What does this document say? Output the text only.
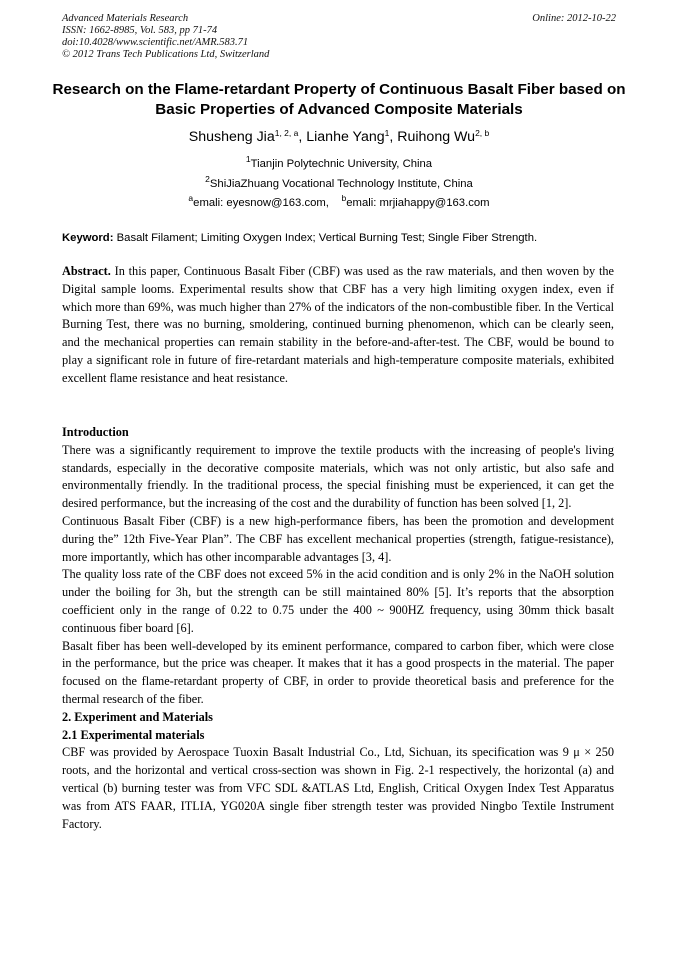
Advanced Materials Research
ISSN: 1662-8985, Vol. 583, pp 71-74
doi:10.4028/www.scientific.net/AMR.583.71
© 2012 Trans Tech Publications Ltd, Switzerland
Online: 2012-10-22
Research on the Flame-retardant Property of Continuous Basalt Fiber based on Basic Properties of Advanced Composite Materials
Shusheng Jia$^{1, 2, a}$, Lianhe Yang$^1$, Ruihong Wu$^{2, b}$
$^1$Tianjin Polytechnic University, China
$^2$ShiJiaZhuang Vocational Technology Institute, China
$^a$emali: eyesnow@163.com, $^b$emali: mrjiahappy@163.com
Keyword: Basalt Filament; Limiting Oxygen Index; Vertical Burning Test; Single Fiber Strength.

Abstract. In this paper, Continuous Basalt Fiber (CBF) was used as the raw materials, and then woven by the Digital sample looms. Experimental results show that CBF has a very high limiting oxygen index, even if which more than 69%, was much higher than 27% of the indicators of the non-combustible fiber. In the Vertical Burning Test, there was no burning, smoldering, continued burning phenomenon, which can be clearly seen, and the mechanical properties can remain stability in the before-and-after-test. The CBF, would be bound to play a significant role in future of fire-retardant materials and high-temperature composite materials, exhibited excellent flame resistance and heat resistance.

Introduction

There was a significantly requirement to improve the textile products with the increasing of people's living standards, especially in the decorative composite materials, which was not only artistic, but also safe and environmentally friendly. In the traditional process, the special finishing must be experienced, it can get the desired performance, but the increasing of the cost and the durability of function has been solved [1, 2].

Continuous Basalt Fiber (CBF) is a new high-performance fibers, has been the promotion and development during the” 12th Five-Year Plan”. The CBF has excellent mechanical properties (strength, fatigue-resistance), more importantly, which has other incomparable advantages [3, 4].

The quality loss rate of the CBF does not exceed 5% in the acid condition and is only 2% in the NaOH solution under the boiling for 3h, but the strength can be still maintained 80% [5]. It’s reports that the absorption coefficient only in the range of 0.22 to 0.75 under the 400 ~ 900HZ frequency, using 30mm thick basalt continuous fiber board [6].

Basalt fiber has been well-developed by its eminent performance, compared to carbon fiber, which were close in the performance, but the price was cheaper. It makes that it has a good prospects in the material. The paper focused on the flame-retardant property of CBF, in order to provide theoretical basis and preference for the thermal research of the fiber.

2. Experiment and Materials

2.1 Experimental materials

CBF was provided by Aerospace Tuoxin Basalt Industrial Co., Ltd, Sichuan, its specification was 9 μ × 250 roots, and the horizontal and vertical cross-section was shown in Fig. 2-1 respectively, the horizontal (a) and vertical (b) burning tester was from VFC SDL &ATLAS Ltd, English, Critical Oxygen Index Test Apparatus was from ATS FAAR, ITLIA, YG020A single fiber strength tester was provided Ningbo Textile Instrument Factory.
